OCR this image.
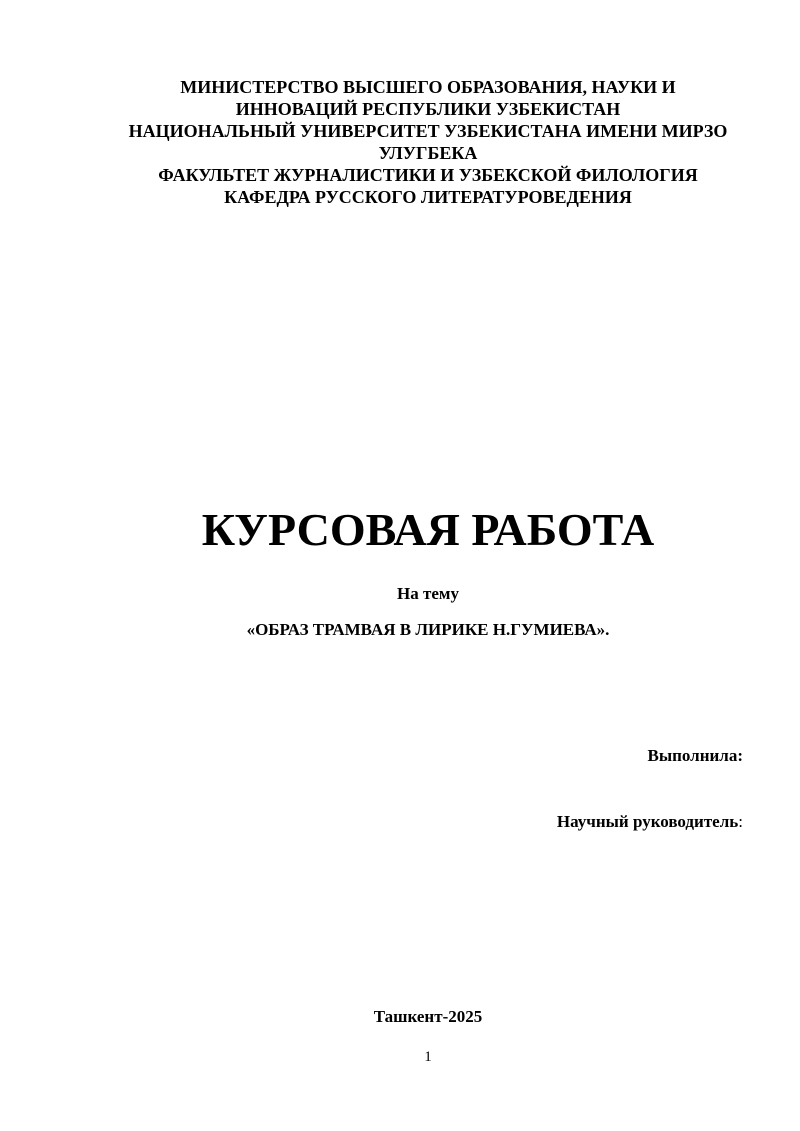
МИНИСТЕРСТВО ВЫСШЕГО ОБРАЗОВАНИЯ, НАУКИ И
ИННОВАЦИЙ РЕСПУБЛИКИ УЗБЕКИСТАН
НАЦИОНАЛЬНЫЙ УНИВЕРСИТЕТ УЗБЕКИСТАНА ИМЕНИ МИРЗО
УЛУГБЕКА
ФАКУЛЬТЕТ ЖУРНАЛИСТИКИ И УЗБЕКСКОЙ ФИЛОЛОГИЯ
КАФЕДРА РУССКОГО ЛИТЕРАТУРОВЕДЕНИЯ
КУРСОВАЯ РАБОТА
На тему
«ОБРАЗ ТРАМВАЯ В ЛИРИКЕ Н.ГУМИЕВА».
Выполнила:
Научный руководитель:
Ташкент-2025
1
